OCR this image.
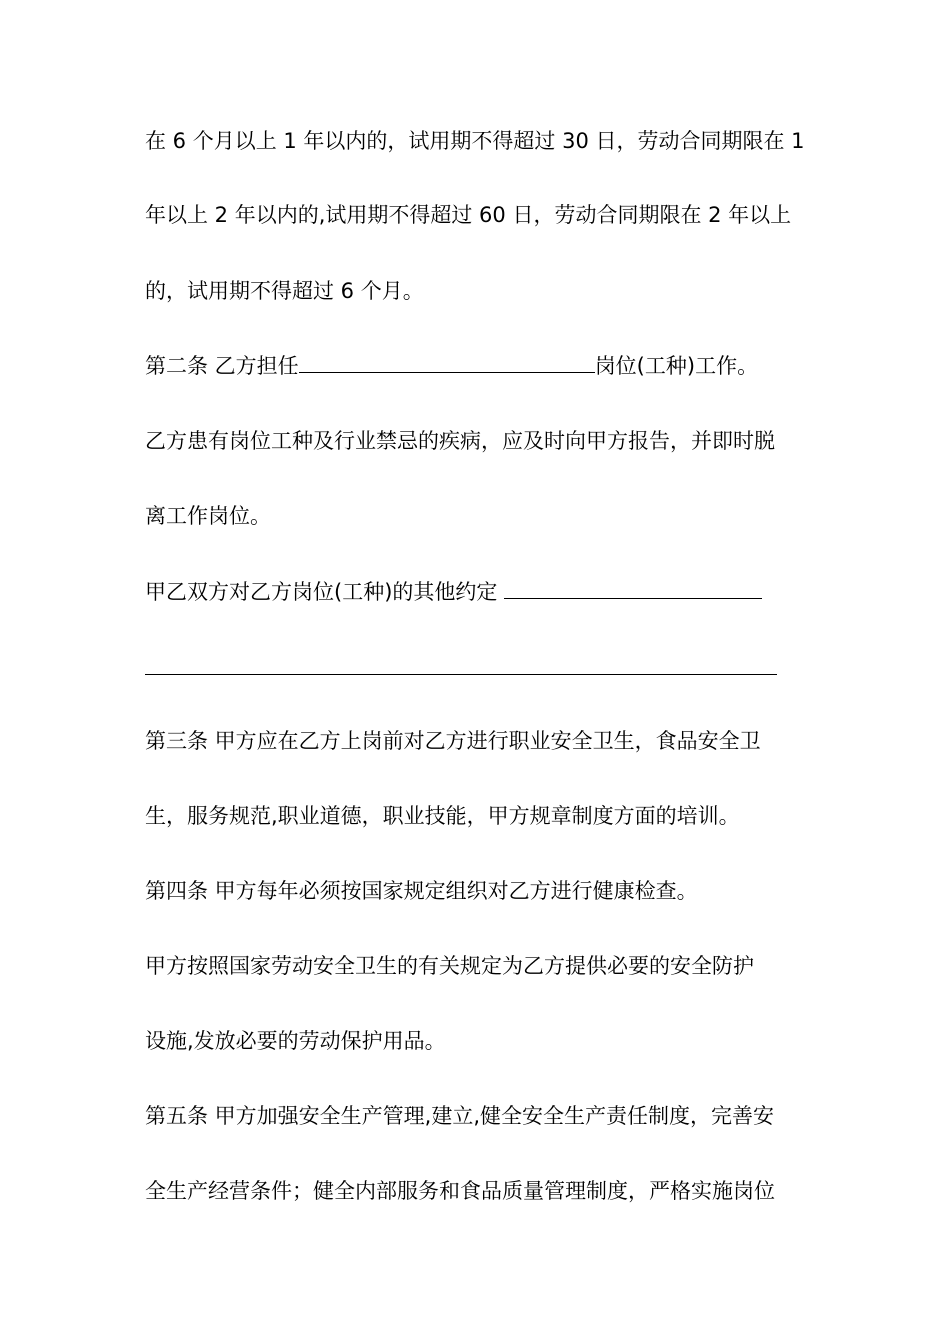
在 6 个月以上 1 年以内的，试用期不得超过 30 日，劳动合同期限在 1
年以上 2 年以内的,试用期不得超过 60 日，劳动合同期限在 2 年以上
的，试用期不得超过 6 个月。
第二条 乙方担任	岗位(工种)工作。
乙方患有岗位工种及行业禁忌的疾病，应及时向甲方报告，并即时脱
离工作岗位。
甲乙双方对乙方岗位(工种)的其他约定
第三条 甲方应在乙方上岗前对乙方进行职业安全卫生，食品安全卫
生，服务规范,职业道德，职业技能，甲方规章制度方面的培训。
第四条 甲方每年必须按国家规定组织对乙方进行健康检查。
甲方按照国家劳动安全卫生的有关规定为乙方提供必要的安全防护
设施,发放必要的劳动保护用品。
第五条 甲方加强安全生产管理,建立,健全安全生产责任制度，完善安
全生产经营条件；健全内部服务和食品质量管理制度，严格实施岗位
